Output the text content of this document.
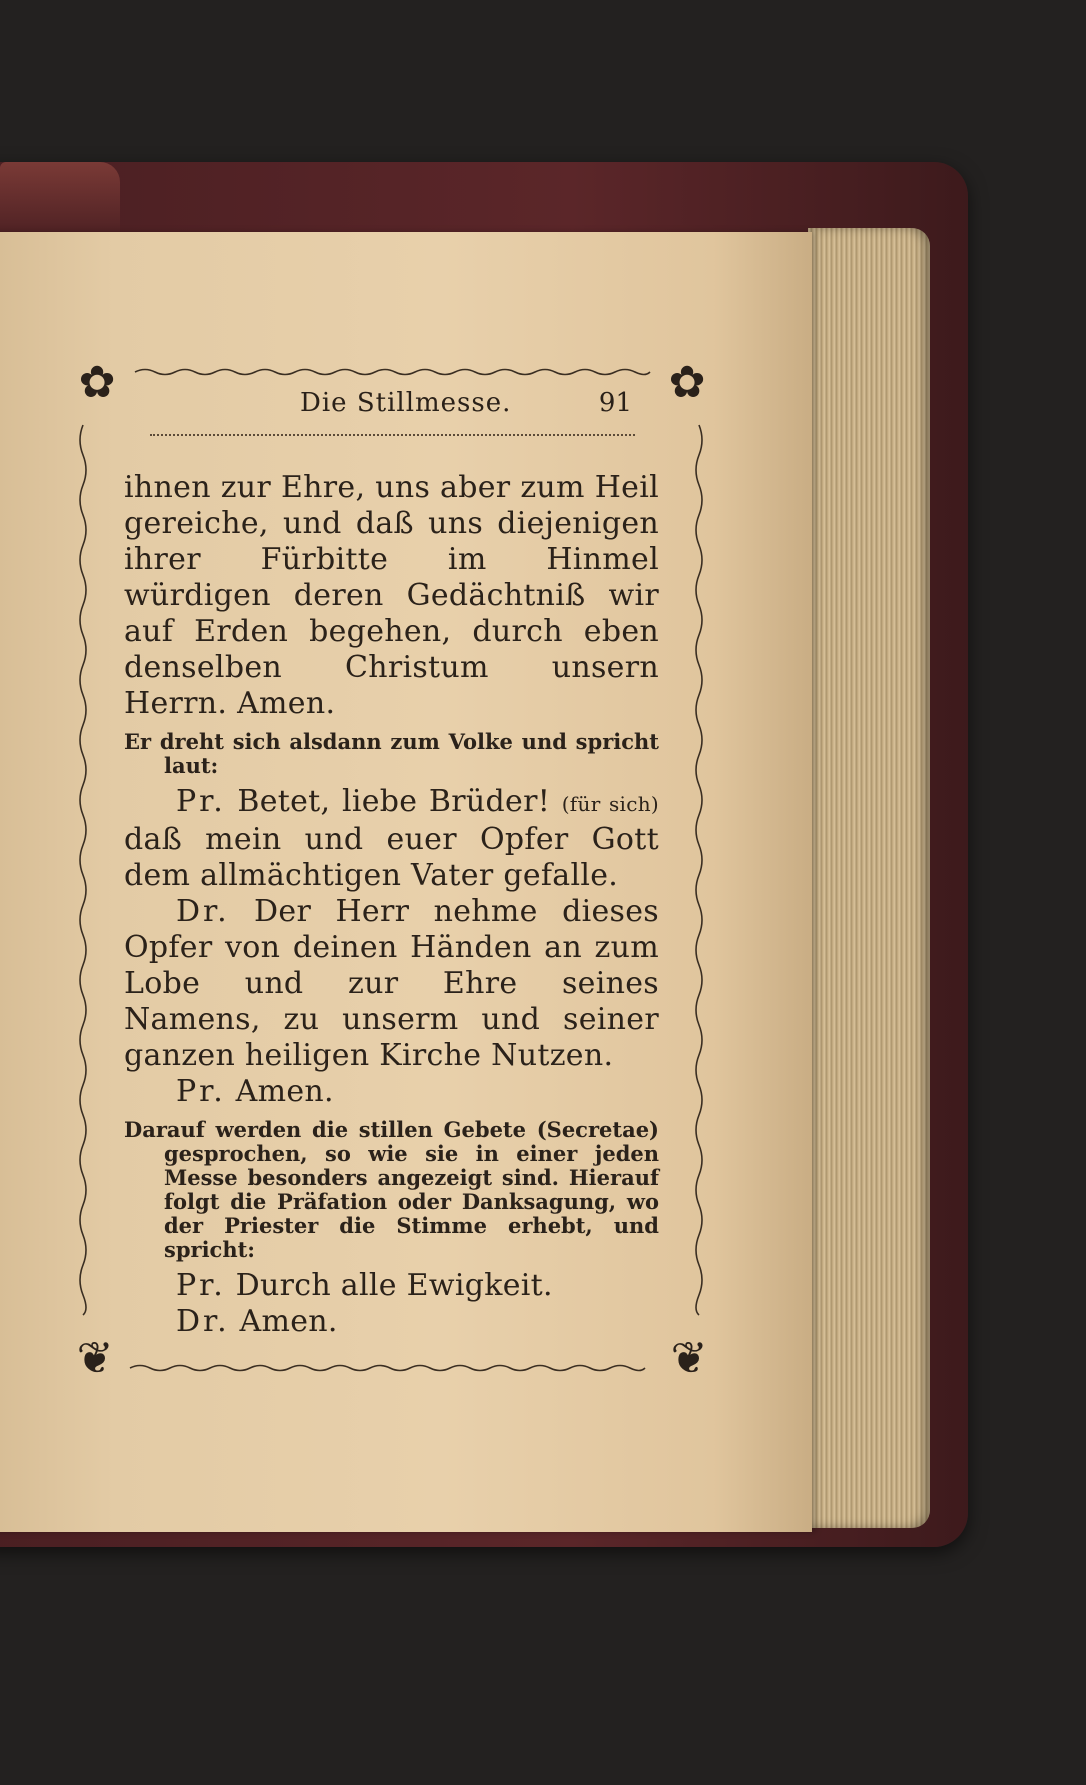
✿	✿
❦	❦
Die Stillmesse.	91

ihnen zur Ehre, uns aber zum Heil gereiche, und daß uns diejenigen ihrer Fürbitte im Hinmel würdigen deren Gedächtniß wir auf Erden begehen, durch eben denselben Christum unsern Herrn. Amen.

Er dreht sich alsdann zum Volke und spricht laut:

Pr. Betet, liebe Brüder! (für sich) daß mein und euer Opfer Gott dem allmächtigen Vater gefalle.

Dr. Der Herr nehme dieses Opfer von deinen Händen an zum Lobe und zur Ehre seines Namens, zu unserm und seiner ganzen heiligen Kirche Nutzen.

Pr. Amen.

Darauf werden die stillen Gebete (Secretae) gesprochen, so wie sie in einer jeden Messe besonders angezeigt sind. Hierauf folgt die Präfation oder Danksagung, wo der Priester die Stimme erhebt, und spricht:

Pr. Durch alle Ewigkeit.

Dr. Amen.
